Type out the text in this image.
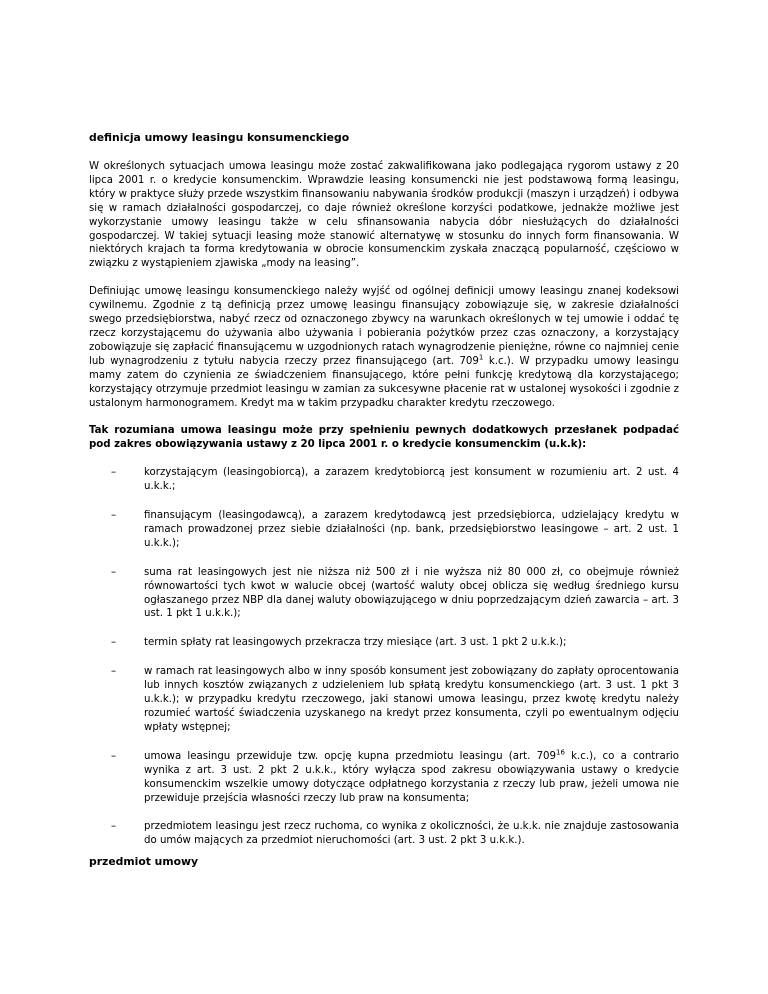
definicja umowy leasingu konsumenckiego

W określonych sytuacjach umowa leasingu może zostać zakwalifikowana jako podlegająca rygorom ustawy z 20 lipca 2001 r. o kredycie konsumenckim. Wprawdzie leasing konsumencki nie jest podstawową formą leasingu, który w praktyce służy przede wszystkim finansowaniu nabywania środków produkcji (maszyn i urządzeń) i odbywa się w ramach działalności gospodarczej, co daje również określone korzyści podatkowe, jednakże możliwe jest wykorzystanie umowy leasingu także w celu sfinansowania nabycia dóbr niesłużących do działalności gospodarczej. W takiej sytuacji leasing może stanowić alternatywę w stosunku do innych form finansowania. W niektórych krajach ta forma kredytowania w obrocie konsumenckim zyskała znaczącą popularność, częściowo w związku z wystąpieniem zjawiska „mody na leasing”.

Definiując umowę leasingu konsumenckiego należy wyjść od ogólnej definicji umowy leasingu znanej kodeksowi cywilnemu. Zgodnie z tą definicją przez umowę leasingu finansujący zobowiązuje się, w zakresie działalności swego przedsiębiorstwa, nabyć rzecz od oznaczonego zbywcy na warunkach określonych w tej umowie i oddać tę rzecz korzystającemu do używania albo używania i pobierania pożytków przez czas oznaczony, a korzystający zobowiązuje się zapłacić finansującemu w uzgodnionych ratach wynagrodzenie pieniężne, równe co najmniej cenie lub wynagrodzeniu z tytułu nabycia rzeczy przez finansującego (art. $709^1$ k.c.). W przypadku umowy leasingu mamy zatem do czynienia ze świadczeniem finansującego, które pełni funkcję kredytową dla korzystającego; korzystający otrzymuje przedmiot leasingu w zamian za sukcesywne płacenie rat w ustalonej wysokości i zgodnie z ustalonym harmonogramem. Kredyt ma w takim przypadku charakter kredytu rzeczowego.

Tak rozumiana umowa leasingu może przy spełnieniu pewnych dodatkowych przesłanek podpadać pod zakres obowiązywania ustawy z 20 lipca 2001 r. o kredycie konsumenckim (u.k.k):

–	korzystającym (leasingobiorcą), a zarazem kredytobiorcą jest konsument w rozumieniu art. 2 ust. 4 u.k.k.;
–	finansującym (leasingodawcą), a zarazem kredytodawcą jest przedsiębiorca, udzielający kredytu w ramach prowadzonej przez siebie działalności (np. bank, przedsiębiorstwo leasingowe – art. 2 ust. 1 u.k.k.);
–	suma rat leasingowych jest nie niższa niż 500 zł i nie wyższa niż 80 000 zł, co obejmuje również równowartości tych kwot w walucie obcej (wartość waluty obcej oblicza się według średniego kursu ogłaszanego przez NBP dla danej waluty obowiązującego w dniu poprzedzającym dzień zawarcia – art. 3 ust. 1 pkt 1 u.k.k.);
–	termin spłaty rat leasingowych przekracza trzy miesiące (art. 3 ust. 1 pkt 2 u.k.k.);
–	w ramach rat leasingowych albo w inny sposób konsument jest zobowiązany do zapłaty oprocentowania lub innych kosztów związanych z udzieleniem lub spłatą kredytu konsumenckiego (art. 3 ust. 1 pkt 3 u.k.k.); w przypadku kredytu rzeczowego, jaki stanowi umowa leasingu, przez kwotę kredytu należy rozumieć wartość świadczenia uzyskanego na kredyt przez konsumenta, czyli po ewentualnym odjęciu wpłaty wstępnej;
–	umowa leasingu przewiduje tzw. opcję kupna przedmiotu leasingu (art. $709^{16}$ k.c.), co a contrario wynika z art. 3 ust. 2 pkt 2 u.k.k., który wyłącza spod zakresu obowiązywania ustawy o kredycie konsumenckim wszelkie umowy dotyczące odpłatnego korzystania z rzeczy lub praw, jeżeli umowa nie przewiduje przejścia własności rzeczy lub praw na konsumenta;
–	przedmiotem leasingu jest rzecz ruchoma, co wynika z okoliczności, że u.k.k. nie znajduje zastosowania do umów mających za przedmiot nieruchomości (art. 3 ust. 2 pkt 3 u.k.k.).
przedmiot umowy
